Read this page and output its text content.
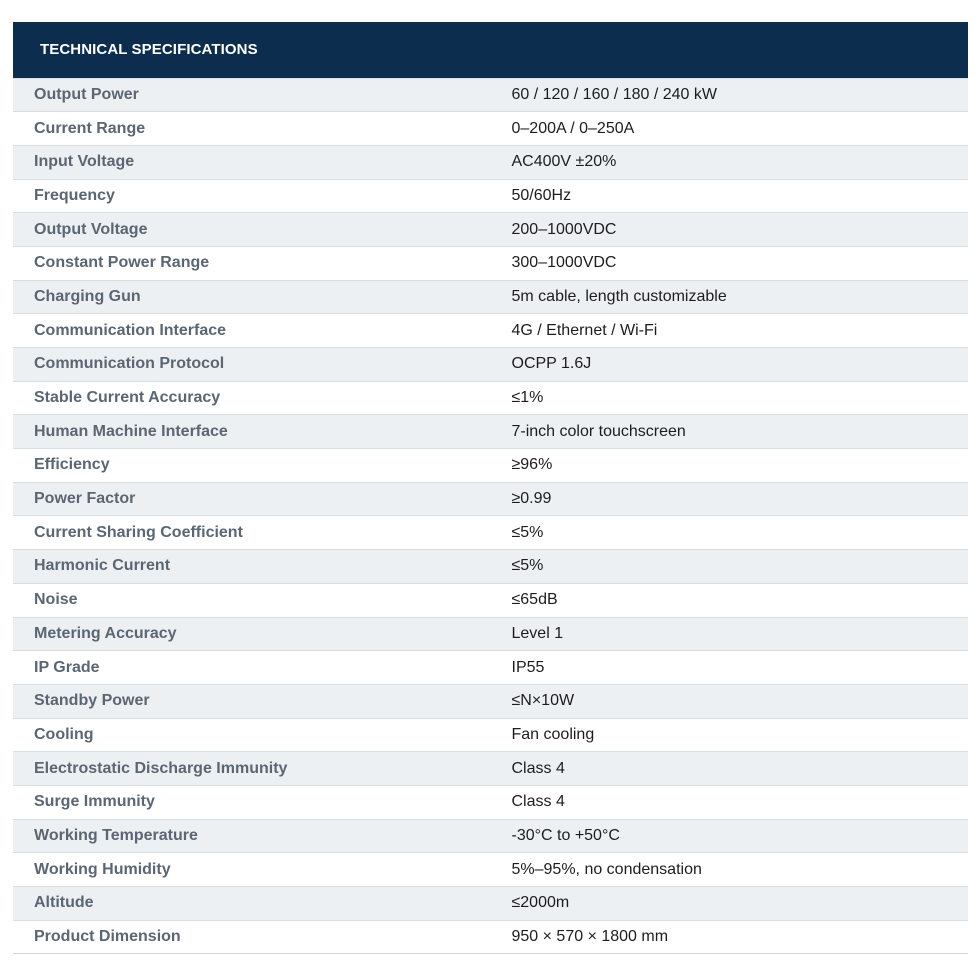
TECHNICAL SPECIFICATIONS	
Output Power	60 / 120 / 160 / 180 / 240 kW
Current Range	0–200A / 0–250A
Input Voltage	AC400V ±20%
Frequency	50/60Hz
Output Voltage	200–1000VDC
Constant Power Range	300–1000VDC
Charging Gun	5m cable, length customizable
Communication Interface	4G / Ethernet / Wi-Fi
Communication Protocol	OCPP 1.6J
Stable Current Accuracy	≤1%
Human Machine Interface	7-inch color touchscreen
Efficiency	≥96%
Power Factor	≥0.99
Current Sharing Coefficient	≤5%
Harmonic Current	≤5%
Noise	≤65dB
Metering Accuracy	Level 1
IP Grade	IP55
Standby Power	≤N×10W
Cooling	Fan cooling
Electrostatic Discharge Immunity	Class 4
Surge Immunity	Class 4
Working Temperature	-30°C to +50°C
Working Humidity	5%–95%, no condensation
Altitude	≤2000m
Product Dimension	950 × 570 × 1800 mm
